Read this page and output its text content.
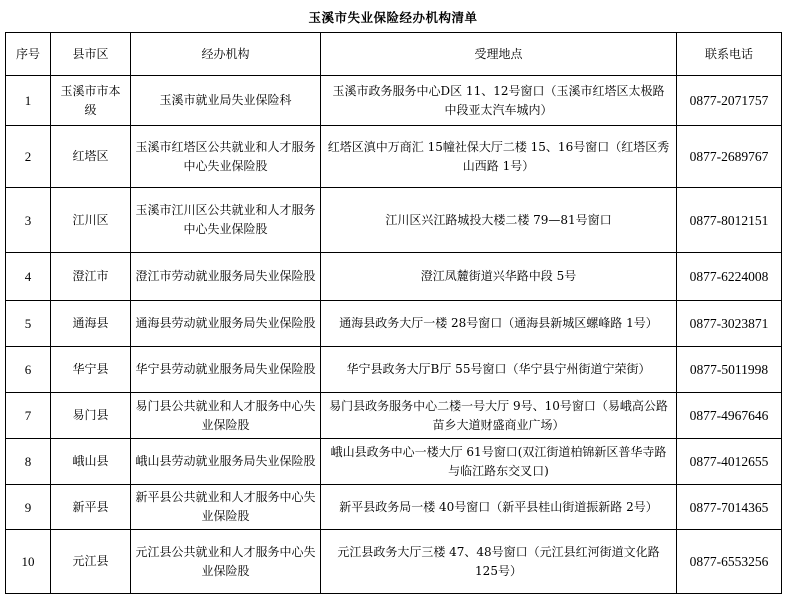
玉溪市失业保险经办机构清单
序号	县市区	经办机构	受理地点	联系电话
1	玉溪市市本级	玉溪市就业局失业保险科	玉溪市政务服务中心D区 11、12号窗口（玉溪市红塔区太极路中段亚太汽车城内）	0877-2071757
2	红塔区	玉溪市红塔区公共就业和人才服务中心失业保险股	红塔区滇中万商汇 15幢社保大厅二楼 15、16号窗口（红塔区秀山西路 1号）	0877-2689767
3	江川区	玉溪市江川区公共就业和人才服务中心失业保险股	江川区兴江路城投大楼二楼 79—81号窗口	0877-8012151
4	澄江市	澄江市劳动就业服务局失业保险股	澄江凤麓街道兴华路中段 5号	0877-6224008
5	通海县	通海县劳动就业服务局失业保险股	通海县政务大厅一楼 28号窗口（通海县新城区螺峰路 1号）	0877-3023871
6	华宁县	华宁县劳动就业服务局失业保险股	华宁县政务大厅B厅 55号窗口（华宁县宁州街道宁荣街）	0877-5011998
7	易门县	易门县公共就业和人才服务中心失业保险股	易门县政务服务中心二楼一号大厅 9号、10号窗口（易峨高公路苗乡大道财盛商业广场）	0877-4967646
8	峨山县	峨山县劳动就业服务局失业保险股	峨山县政务中心一楼大厅 61号窗口(双江街道柏锦新区普华寺路与临江路东交叉口)	0877-4012655
9	新平县	新平县公共就业和人才服务中心失业保险股	新平县政务局一楼 40号窗口（新平县桂山街道振新路 2号）	0877-7014365
10	元江县	元江县公共就业和人才服务中心失业保险股	元江县政务大厅三楼 47、48号窗口（元江县红河街道文化路 125号）	0877-6553256
